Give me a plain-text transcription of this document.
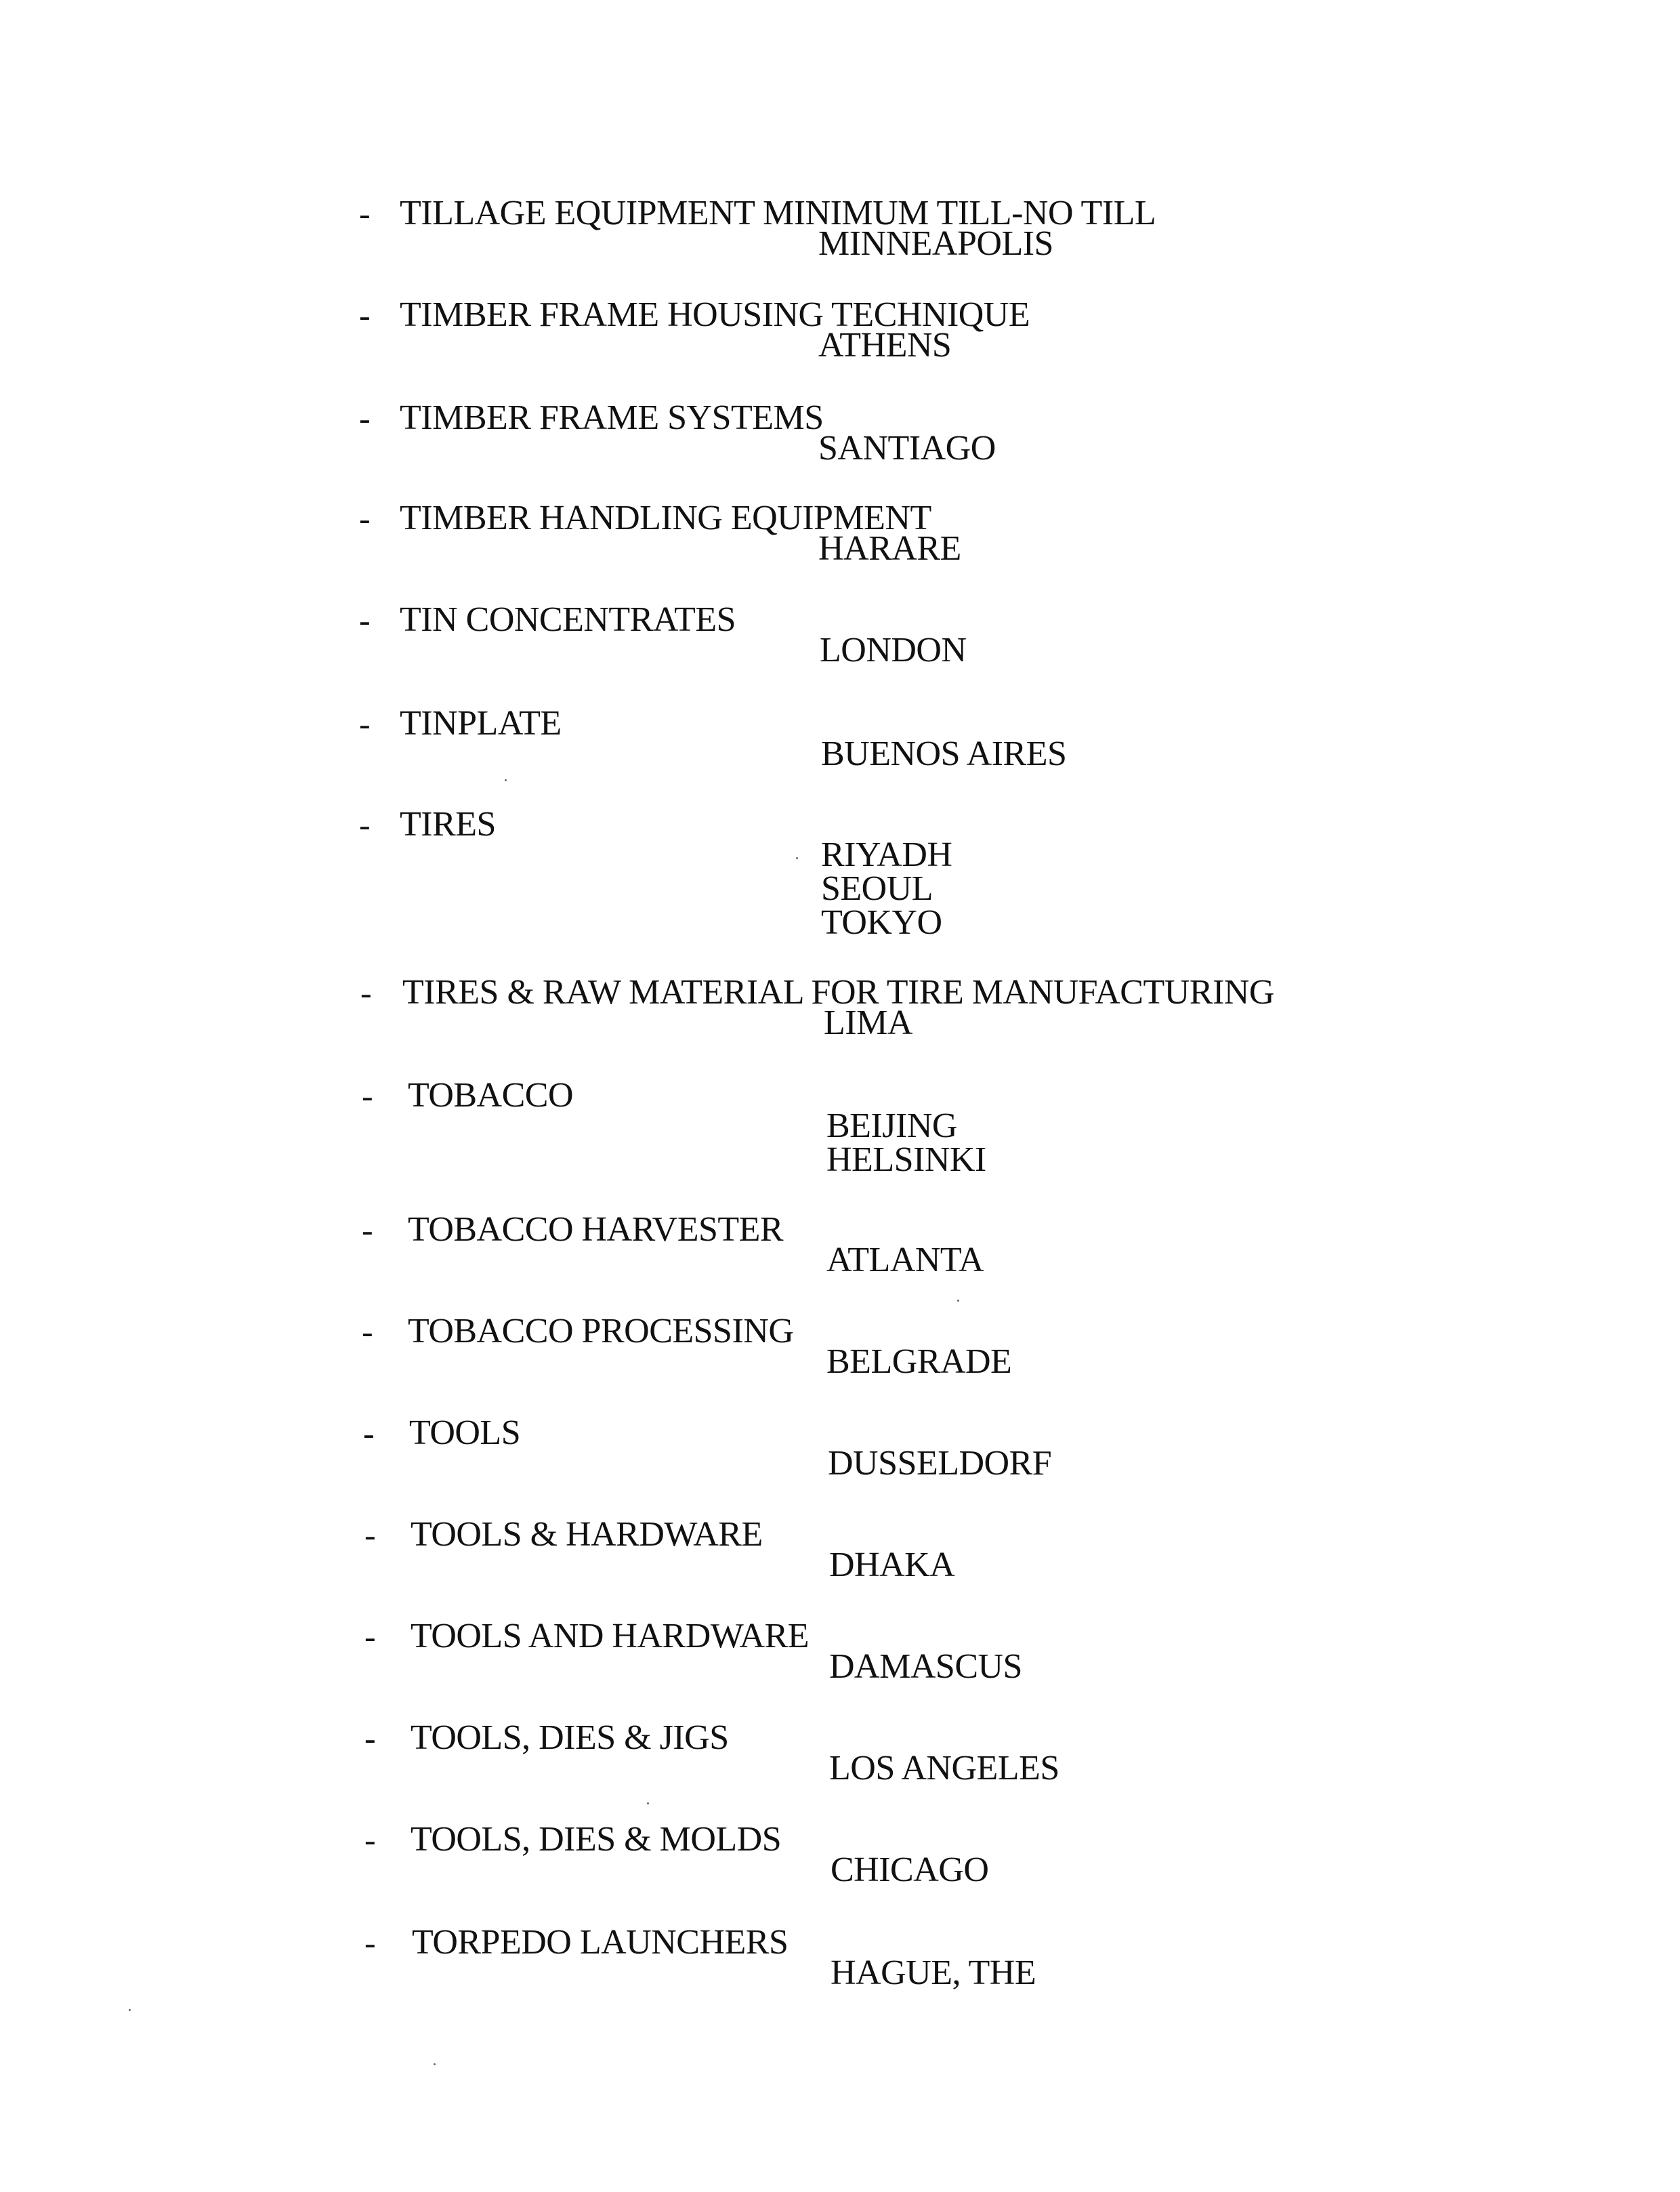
- TILLAGE EQUIPMENT MINIMUM TILL-NO TILL
MINNEAPOLIS
- TIMBER FRAME HOUSING TECHNIQUE
ATHENS
- TIMBER FRAME SYSTEMS
SANTIAGO
- TIMBER HANDLING EQUIPMENT
HARARE
- TIN CONCENTRATES
LONDON
- TINPLATE
BUENOS AIRES
- TIRES
RIYADH
SEOUL
TOKYO
- TIRES & RAW MATERIAL FOR TIRE MANUFACTURING
LIMA
- TOBACCO
BEIJING
HELSINKI
- TOBACCO HARVESTER
ATLANTA
- TOBACCO PROCESSING
BELGRADE
- TOOLS
DUSSELDORF
- TOOLS & HARDWARE
DHAKA
- TOOLS AND HARDWARE
DAMASCUS
- TOOLS, DIES & JIGS
LOS ANGELES
- TOOLS, DIES & MOLDS
CHICAGO
- TORPEDO LAUNCHERS
HAGUE, THE
